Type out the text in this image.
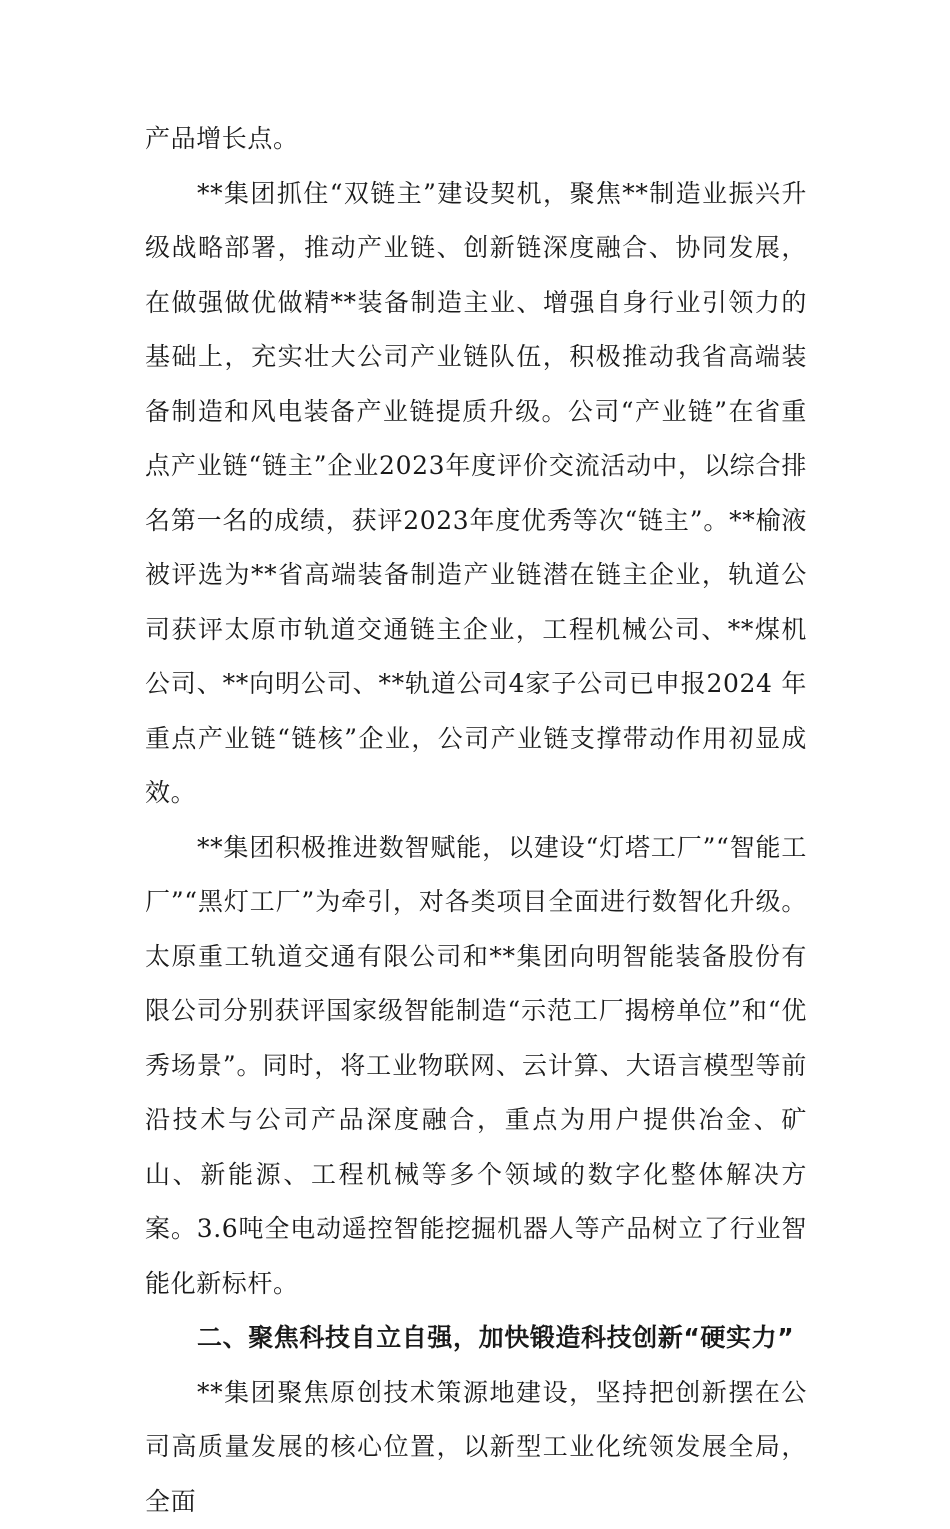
产品增长点。

**集团抓住“双链主”建设契机，聚焦**制造业振兴升级战略部署，推动产业链、创新链深度融合、协同发展，在做强做优做精**装备制造主业、增强自身行业引领力的基础上，充实壮大公司产业链队伍，积极推动我省高端装备制造和风电装备产业链提质升级。公司“产业链”在省重点产业链“链主”企业2023年度评价交流活动中，以综合排名第一名的成绩，获评2023年度优秀等次“链主”。**榆液被评选为**省高端装备制造产业链潜在链主企业，轨道公司获评太原市轨道交通链主企业，工程机械公司、**煤机公司、**向明公司、**轨道公司4家子公司已申报2024 年重点产业链“链核”企业，公司产业链支撑带动作用初显成效。

**集团积极推进数智赋能，以建设“灯塔工厂”“智能工厂”“黑灯工厂”为牵引，对各类项目全面进行数智化升级。太原重工轨道交通有限公司和**集团向明智能装备股份有限公司分别获评国家级智能制造“示范工厂揭榜单位”和“优秀场景”。同时，将工业物联网、云计算、大语言模型等前沿技术与公司产品深度融合，重点为用户提供冶金、矿山、新能源、工程机械等多个领域的数字化整体解决方案。3.6吨全电动遥控智能挖掘机器人等产品树立了行业智能化新标杆。

二、聚焦科技自立自强，加快锻造科技创新“硬实力”

**集团聚焦原创技术策源地建设，坚持把创新摆在公司高质量发展的核心位置，以新型工业化统领发展全局，全面
